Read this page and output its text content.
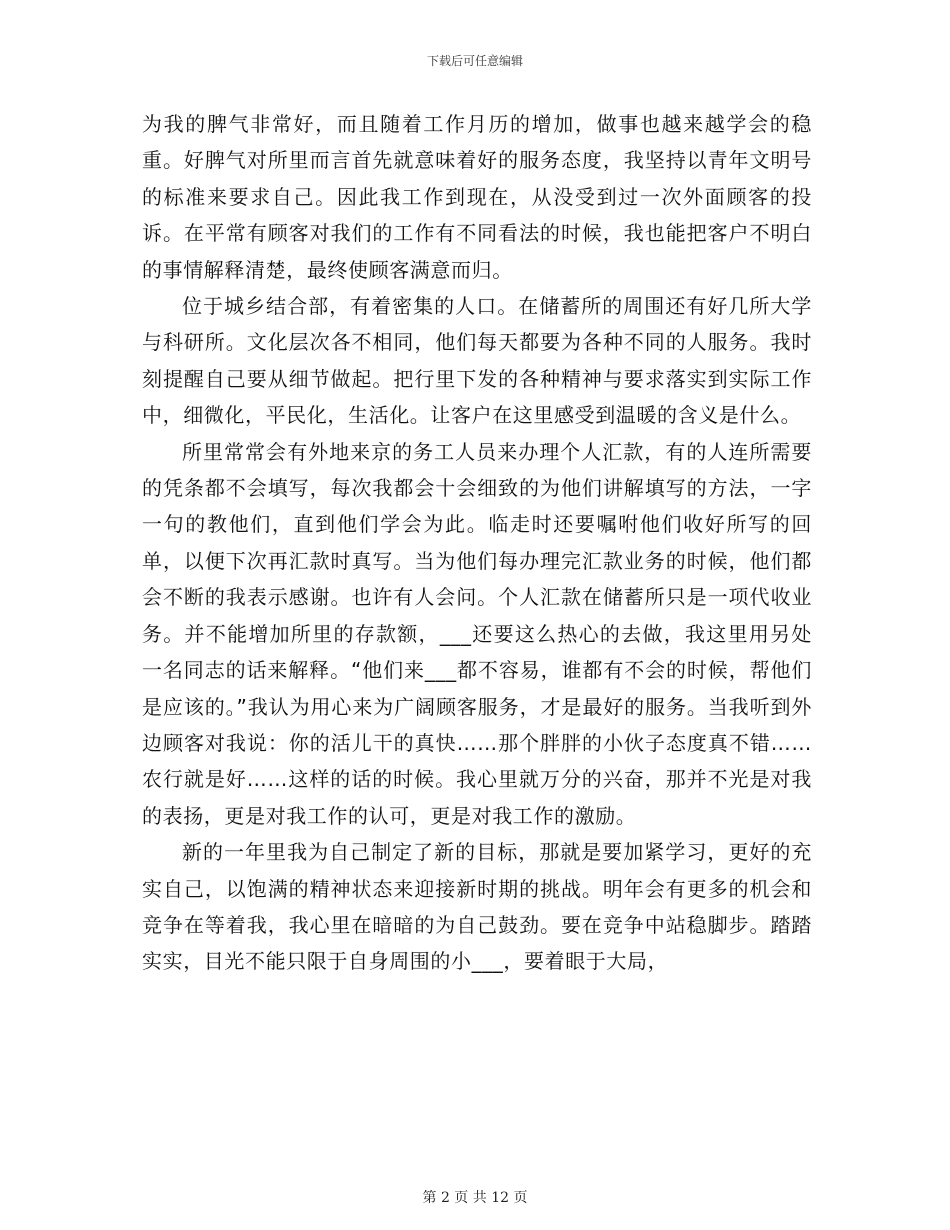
下载后可任意编辑

为我的脾气非常好，而且随着工作月历的增加，做事也越来越学会的稳重。好脾气对所里而言首先就意味着好的服务态度，我坚持以青年文明号的标准来要求自己。因此我工作到现在，从没受到过一次外面顾客的投诉。在平常有顾客对我们的工作有不同看法的时候，我也能把客户不明白的事情解释清楚，最终使顾客满意而归。

位于城乡结合部，有着密集的人口。在储蓄所的周围还有好几所大学与科研所。文化层次各不相同，他们每天都要为各种不同的人服务。我时刻提醒自己要从细节做起。把行里下发的各种精神与要求落实到实际工作中，细微化，平民化，生活化。让客户在这里感受到温暖的含义是什么。

所里常常会有外地来京的务工人员来办理个人汇款，有的人连所需要的凭条都不会填写，每次我都会十会细致的为他们讲解填写的方法，一字一句的教他们，直到他们学会为此。临走时还要嘱咐他们收好所写的回单，以便下次再汇款时真写。当为他们每办理完汇款业务的时候，他们都会不断的我表示感谢。也许有人会问。个人汇款在储蓄所只是一项代收业务。并不能增加所里的存款额，___还要这么热心的去做，我这里用另处一名同志的话来解释。“他们来___都不容易，谁都有不会的时候，帮他们是应该的。”我认为用心来为广阔顾客服务，才是最好的服务。当我听到外边顾客对我说：你的活儿干的真快……那个胖胖的小伙子态度真不错……农行就是好……这样的话的时候。我心里就万分的兴奋，那并不光是对我的表扬，更是对我工作的认可，更是对我工作的激励。

新的一年里我为自己制定了新的目标，那就是要加紧学习，更好的充实自己，以饱满的精神状态来迎接新时期的挑战。明年会有更多的机会和竞争在等着我，我心里在暗暗的为自己鼓劲。要在竞争中站稳脚步。踏踏实实，目光不能只限于自身周围的小___，要着眼于大局，

第 2 页 共 12 页
